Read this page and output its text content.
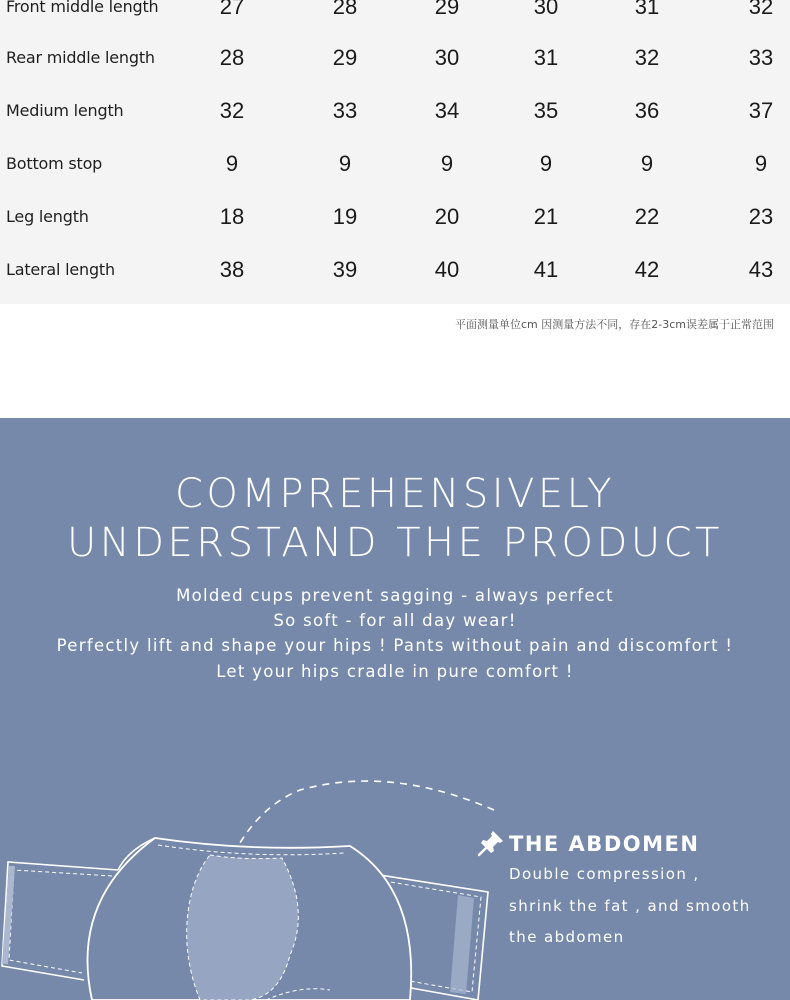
Front middle length	27	28	29	30	31	32
Rear middle length	28	29	30	31	32	33
Medium length	32	33	34	35	36	37
Bottom stop	9	9	9	9	9	9
Leg length	18	19	20	21	22	23
Lateral length	38	39	40	41	42	43
平面测量单位cm 因测量方法不同，存在2-3cm误差属于正常范围
COMPREHENSIVELY
UNDERSTAND THE PRODUCT
Molded cups prevent sagging - always perfect
So soft - for all day wear!
Perfectly lift and shape your hips ! Pants without pain and discomfort !
Let your hips cradle in pure comfort !
THE ABDOMEN
Double compression , shrink the fat , and smooth the abdomen
